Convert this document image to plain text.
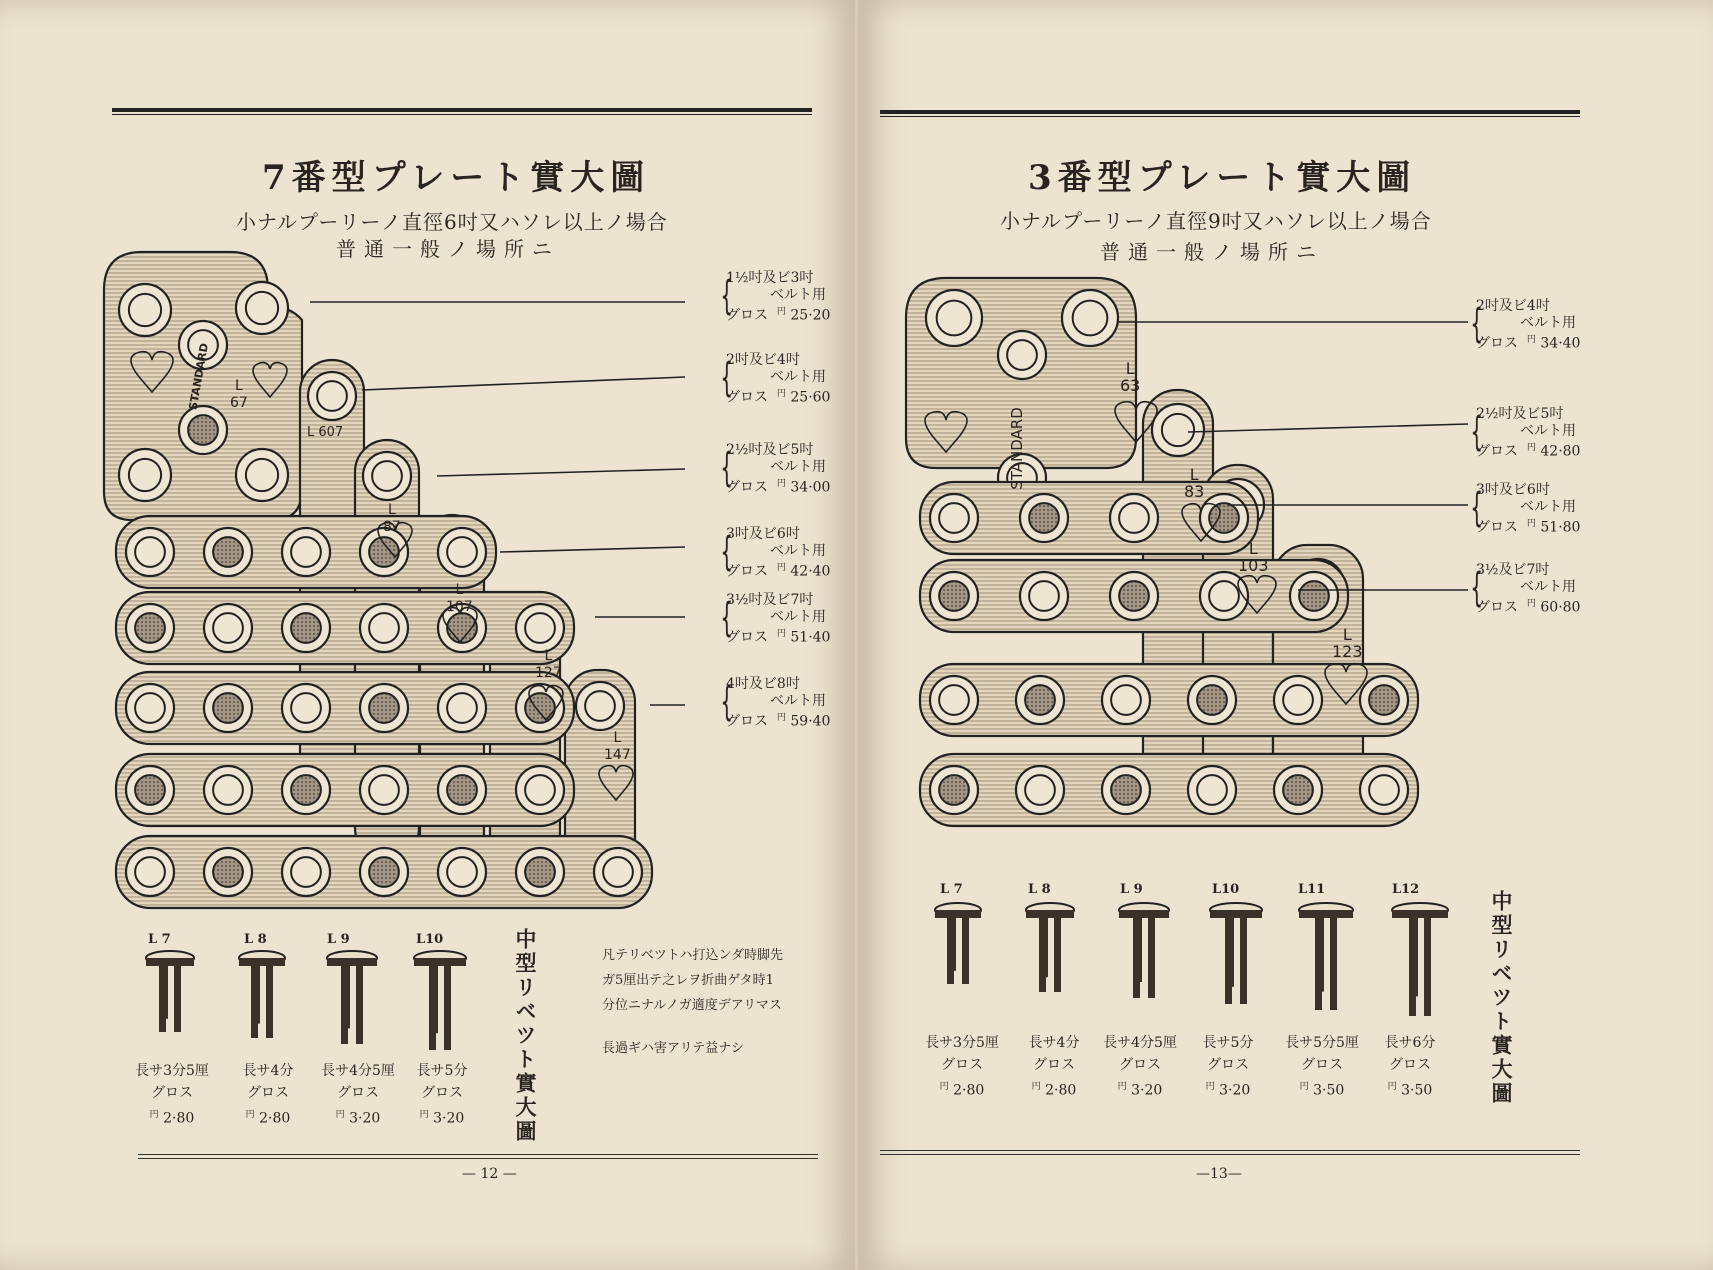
7番型プレート實大圖
小ナルプーリーノ直徑6吋又ハソレ以上ノ場合
普通一般ノ場所ニ
STANDARD	L
67
L 607
L
87
L
107
L
127
L
147
{
1½吋及ビ3吋
ベルト用
グロス $^円$ 25·20
{
2吋及ビ4吋
ベルト用
グロス $^円$ 25·60
{
2½吋及ビ5吋
ベルト用
グロス $^円$ 34·00
{
3吋及ビ6吋
ベルト用
グロス $^円$ 42·40
{
3½吋及ビ7吋
ベルト用
グロス $^円$ 51·40
{
4吋及ビ8吋
ベルト用
グロス $^円$ 59·40
L 7
長サ3分5厘
グロス
$^円$ 2·80
L 8
長サ4分
グロス
$^円$ 2·80
L 9
長サ4分5厘
グロス
$^円$ 3·20
L10
長サ5分
グロス
$^円$ 3·20	中型リベツト實大圖	凡テリベツトハ打込ンダ時脚先
ガ5厘出テ之レヲ折曲ゲタ時1
分位ニナルノガ適度デアリマス
長過ギハ害アリテ益ナシ
— 12 —
3番型プレート實大圖
小ナルプーリーノ直徑9吋又ハソレ以上ノ場合
普通一般ノ場所ニ
STANDARD
L
63
L
83
L
103
L
123
{
2吋及ビ4吋
ベルト用
グロス $^円$ 34·40
{
2½吋及ビ5吋
ベルト用
グロス $^円$ 42·80
{
3吋及ビ6吋
ベルト用
グロス $^円$ 51·80
{
3½及ビ7吋
ベルト用
グロス $^円$ 60·80
L 7
長サ3分5厘
グロス
$^円$ 2·80
L 8
長サ4分
グロス
$^円$ 2·80
L 9
長サ4分5厘
グロス
$^円$ 3·20
L10
長サ5分
グロス
$^円$ 3·20
L11
長サ5分5厘
グロス
$^円$ 3·50
L12
長サ6分
グロス
$^円$ 3·50	中型リベツト實大圖
—13—
